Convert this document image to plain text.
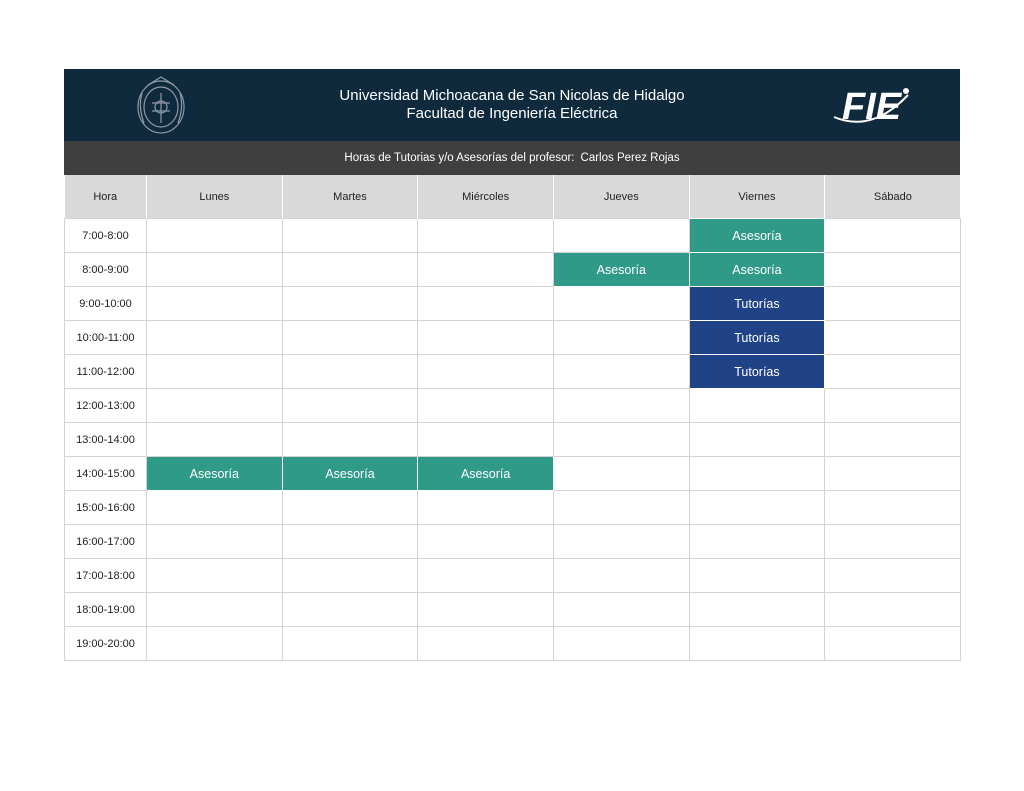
Universidad Michoacana de San Nicolas de Hidalgo
Facultad de Ingeniería Eléctrica	FIE
Horas de Tutorias y/o Asesorías del profesor: Carlos Perez Rojas
Hora	Lunes	Martes	Miércoles	Jueves	Viernes	Sábado
7:00-8:00					Asesoría	
8:00-9:00				Asesoría	Asesoría	
9:00-10:00					Tutorías	
10:00-11:00					Tutorías	
11:00-12:00					Tutorías	
12:00-13:00						
13:00-14:00						
14:00-15:00	Asesoría	Asesoría	Asesoría			
15:00-16:00						
16:00-17:00						
17:00-18:00						
18:00-19:00						
19:00-20:00						
